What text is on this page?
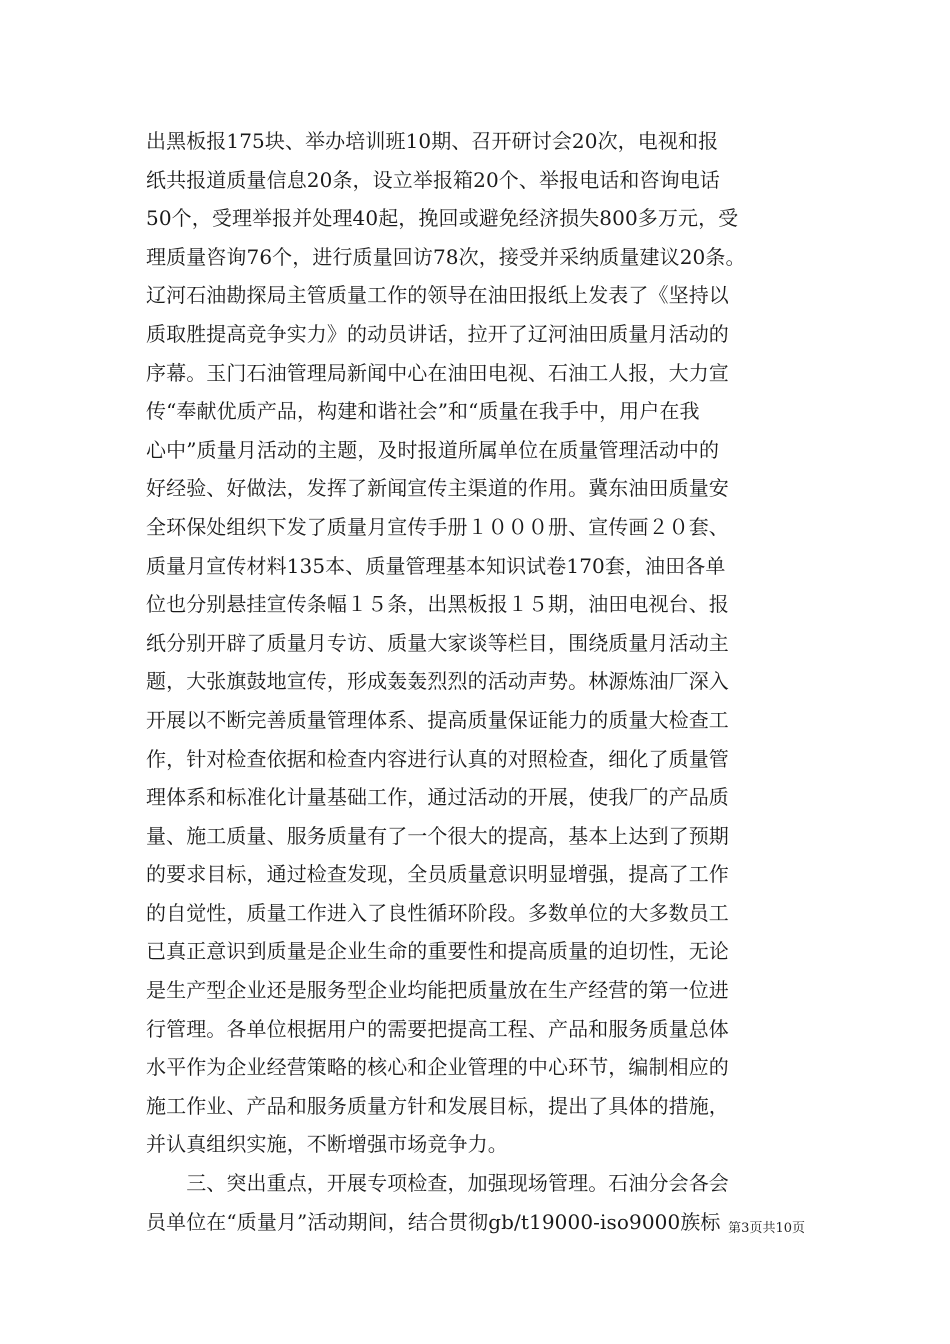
出黑板报175块、举办培训班10期、召开研讨会20次，电视和报
纸共报道质量信息20条，设立举报箱20个、举报电话和咨询电话
50个，受理举报并处理40起，挽回或避免经济损失800多万元，受
理质量咨询76个，进行质量回访78次，接受并采纳质量建议20条。
辽河石油勘探局主管质量工作的领导在油田报纸上发表了《坚持以
质取胜提高竞争实力》的动员讲话，拉开了辽河油田质量月活动的
序幕。玉门石油管理局新闻中心在油田电视、石油工人报，大力宣
传“奉献优质产品，构建和谐社会”和“质量在我手中，用户在我
心中”质量月活动的主题，及时报道所属单位在质量管理活动中的
好经验、好做法，发挥了新闻宣传主渠道的作用。冀东油田质量安
全环保处组织下发了质量月宣传手册１０００册、宣传画２０套、
质量月宣传材料135本、质量管理基本知识试卷170套，油田各单
位也分别悬挂宣传条幅１５条，出黑板报１５期，油田电视台、报
纸分别开辟了质量月专访、质量大家谈等栏目，围绕质量月活动主
题，大张旗鼓地宣传，形成轰轰烈烈的活动声势。林源炼油厂深入
开展以不断完善质量管理体系、提高质量保证能力的质量大检查工
作，针对检查依据和检查内容进行认真的对照检查，细化了质量管
理体系和标准化计量基础工作，通过活动的开展，使我厂的产品质
量、施工质量、服务质量有了一个很大的提高，基本上达到了预期
的要求目标，通过检查发现，全员质量意识明显增强，提高了工作
的自觉性，质量工作进入了良性循环阶段。多数单位的大多数员工
已真正意识到质量是企业生命的重要性和提高质量的迫切性，无论
是生产型企业还是服务型企业均能把质量放在生产经营的第一位进
行管理。各单位根据用户的需要把提高工程、产品和服务质量总体
水平作为企业经营策略的核心和企业管理的中心环节，编制相应的
施工作业、产品和服务质量方针和发展目标，提出了具体的措施，
并认真组织实施，不断增强市场竞争力。
　　三、突出重点，开展专项检查，加强现场管理。石油分会各会
员单位在“质量月”活动期间，结合贯彻gb/t19000-iso9000族标 第3页共10页
